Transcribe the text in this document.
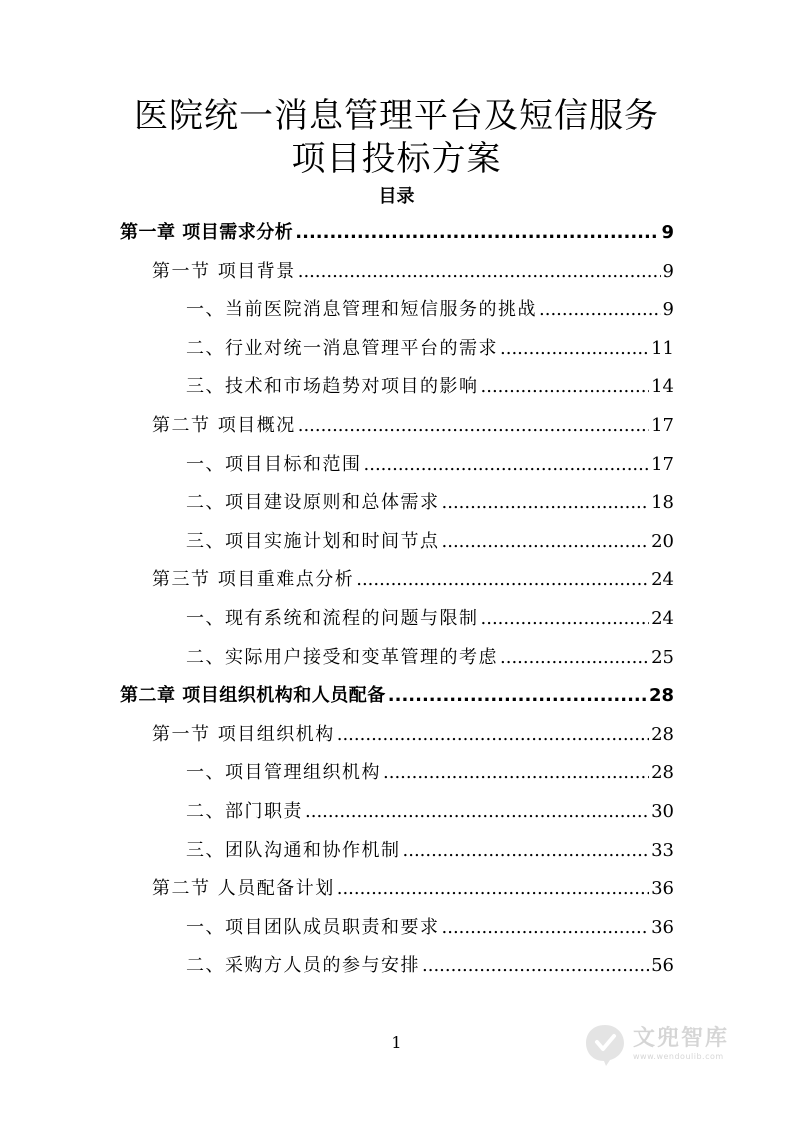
医院统一消息管理平台及短信服务
项目投标方案
目录
第一章 项目需求分析 .....	9
第一节 项目背景 .....	9
一、当前医院消息管理和短信服务的挑战 .....	9
二、行业对统一消息管理平台的需求 .....	11
三、技术和市场趋势对项目的影响 .....	14
第二节 项目概况 .....	17
一、项目目标和范围 .....	17
二、项目建设原则和总体需求 .....	18
三、项目实施计划和时间节点 .....	20
第三节 项目重难点分析 .....	24
一、现有系统和流程的问题与限制 .....	24
二、实际用户接受和变革管理的考虑 .....	25
第二章 项目组织机构和人员配备 .....	28
第一节 项目组织机构 .....	28
一、项目管理组织机构 .....	28
二、部门职责 .....	30
三、团队沟通和协作机制 .....	33
第二节 人员配备计划 .....	36
一、项目团队成员职责和要求 .....	36
二、采购方人员的参与安排 .....	56
1	文兜智库
www.wendoulib.com
